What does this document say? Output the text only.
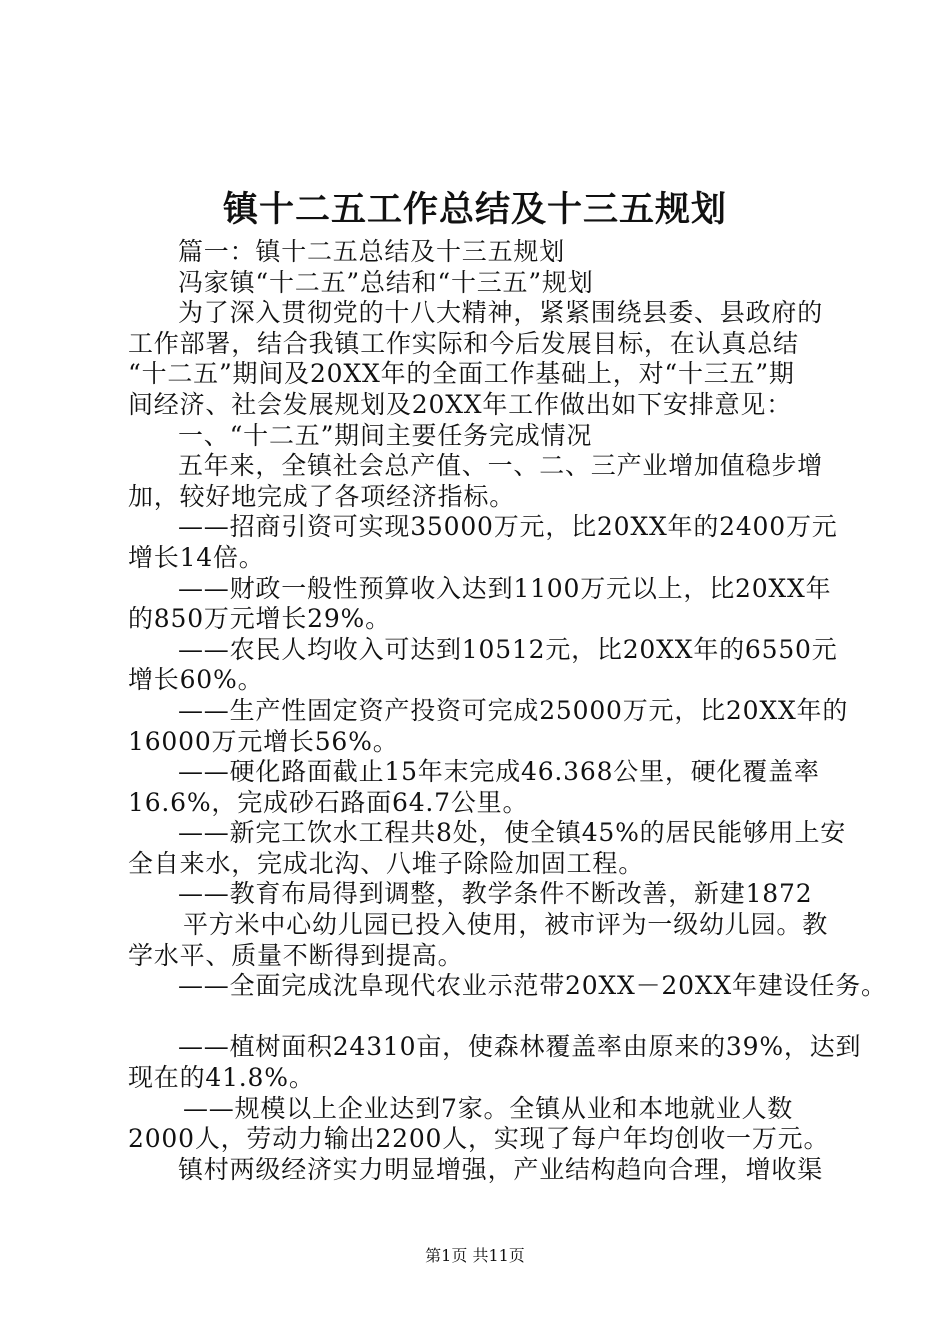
镇十二五工作总结及十三五规划
篇一：镇十二五总结及十三五规划
冯家镇“十二五”总结和“十三五”规划
为了深入贯彻党的十八大精神，紧紧围绕县委、县政府的
工作部署，结合我镇工作实际和今后发展目标，在认真总结
“十二五”期间及20XX年的全面工作基础上，对“十三五”期
间经济、社会发展规划及20XX年工作做出如下安排意见：
一、“十二五”期间主要任务完成情况
五年来，全镇社会总产值、一、二、三产业增加值稳步增
加，较好地完成了各项经济指标。
——招商引资可实现35000万元，比20XX年的2400万元
增长14倍。
——财政一般性预算收入达到1100万元以上，比20XX年
的850万元增长29%。
——农民人均收入可达到10512元，比20XX年的6550元
增长60%。
——生产性固定资产投资可完成25000万元，比20XX年的
16000万元增长56%。
——硬化路面截止15年末完成46.368公里，硬化覆盖率
16.6%，完成砂石路面64.7公里。
——新完工饮水工程共8处，使全镇45%的居民能够用上安
全自来水，完成北沟、八堆子除险加固工程。
——教育布局得到调整，教学条件不断改善，新建1872
平方米中心幼儿园已投入使用，被市评为一级幼儿园。教
学水平、质量不断得到提高。
——全面完成沈阜现代农业示范带20XX－20XX年建设任务。
——植树面积24310亩，使森林覆盖率由原来的39%，达到
现在的41.8%。
——规模以上企业达到7家。全镇从业和本地就业人数
2000人，劳动力输出2200人，实现了每户年均创收一万元。
镇村两级经济实力明显增强，产业结构趋向合理，增收渠
第1页 共11页
